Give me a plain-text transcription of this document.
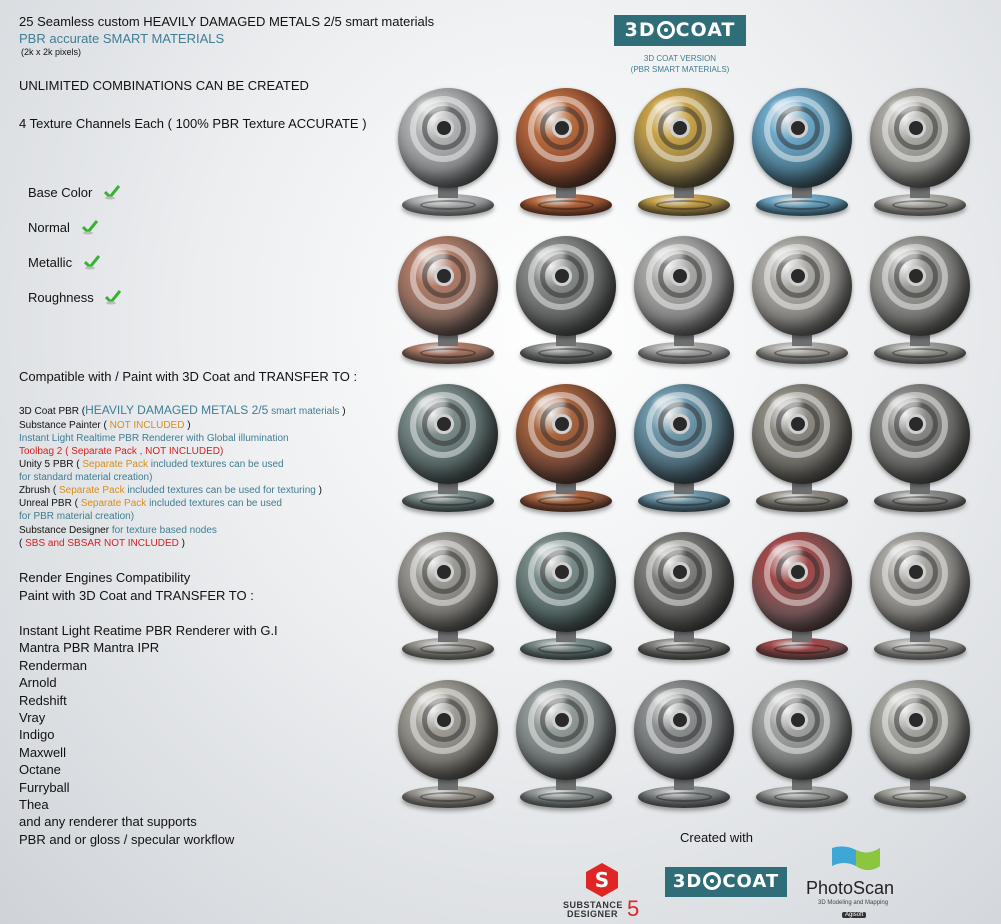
25 Seamless custom HEAVILY DAMAGED METALS 2/5 smart materials
PBR accurate SMART MATERIALS
(2k x 2k pixels)
UNLIMITED COMBINATIONS CAN BE CREATED
4 Texture Channels Each ( 100% PBR Texture ACCURATE )
Base Color
Normal
Metallic
Roughness
Compatible with / Paint with 3D Coat and TRANSFER TO :
3D Coat PBR (HEAVILY DAMAGED METALS 2/5 smart materials )
Substance Painter ( NOT INCLUDED )
Instant Light Realtime PBR Renderer with Global illumination
Toolbag 2 ( Separate Pack , NOT INCLUDED)
Unity 5 PBR ( Separate Pack included textures can be used
for standard material creation)
Zbrush ( Separate Pack included textures can be used for texturing )
Unreal PBR ( Separate Pack included textures can be used
for PBR material creation)
Substance Designer for texture based nodes
( SBS and SBSAR NOT INCLUDED )
Render Engines Compatibility
Paint with 3D Coat and TRANSFER TO :
Instant Light Reatime PBR Renderer with G.I
Mantra PBR Mantra IPR
Renderman
Arnold
Redshift
Vray
Indigo
Maxwell
Octane
Furryball
Thea
and any renderer that supports
PBR and or gloss / specular workflow
3D COAT
3D COAT VERSION
(PBR SMART MATERIALS)
Created with
S
SUBSTANCE
DESIGNER 5
3D COAT	PhotoScan
3D Modeling and Mapping
Agisoft
